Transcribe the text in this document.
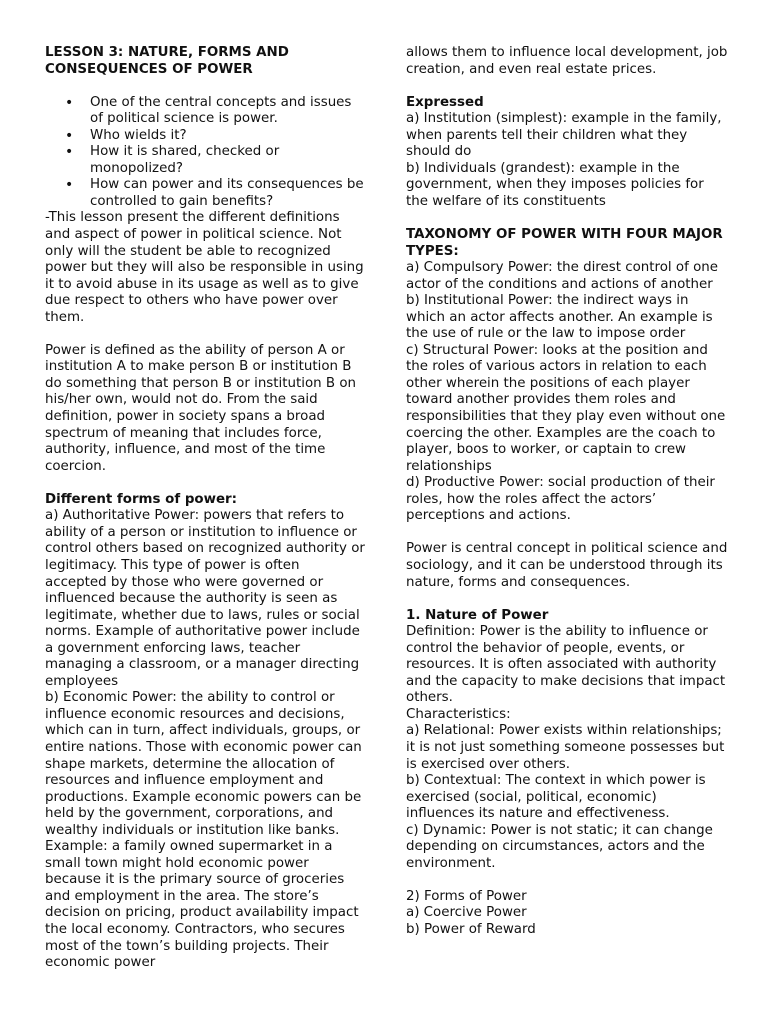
LESSON 3: NATURE, FORMS AND CONSEQUENCES OF POWER

• One of the central concepts and issues of political science is power.
• Who wields it?
• How it is shared, checked or monopolized?
• How can power and its consequences be controlled to gain benefits?

-This lesson present the different definitions and aspect of power in political science. Not only will the student be able to recognized power but they will also be responsible in using it to avoid abuse in its usage as well as to give due respect to others who have power over them.

Power is defined as the ability of person A or institution A to make person B or institution B do something that person B or institution B on his/her own, would not do. From the said definition, power in society spans a broad spectrum of meaning that includes force, authority, influence, and most of the time coercion.

Different forms of power:

a) Authoritative Power: powers that refers to ability of a person or institution to influence or control others based on recognized authority or legitimacy. This type of power is often accepted by those who were governed or influenced because the authority is seen as legitimate, whether due to laws, rules or social norms. Example of authoritative power include a government enforcing laws, teacher managing a classroom, or a manager directing employees

b) Economic Power: the ability to control or influence economic resources and decisions, which can in turn, affect individuals, groups, or entire nations. Those with economic power can shape markets, determine the allocation of resources and influence employment and productions. Example economic powers can be held by the government, corporations, and wealthy individuals or institution like banks. Example: a family owned supermarket in a small town might hold economic power because it is the primary source of groceries and employment in the area. The store’s decision on pricing, product availability impact the local economy. Contractors, who secures most of the town’s building projects. Their economic power

allows them to influence local development, job creation, and even real estate prices.

Expressed

a) Institution (simplest): example in the family, when parents tell their children what they should do

b) Individuals (grandest): example in the government, when they imposes policies for the welfare of its constituents

TAXONOMY OF POWER WITH FOUR MAJOR TYPES:

a) Compulsory Power: the direst control of one actor of the conditions and actions of another

b) Institutional Power: the indirect ways in which an actor affects another. An example is the use of rule or the law to impose order

c) Structural Power: looks at the position and the roles of various actors in relation to each other wherein the positions of each player toward another provides them roles and responsibilities that they play even without one coercing the other. Examples are the coach to player, boos to worker, or captain to crew relationships

d) Productive Power: social production of their roles, how the roles affect the actors’ perceptions and actions.

Power is central concept in political science and sociology, and it can be understood through its nature, forms and consequences.

1. Nature of Power

Definition: Power is the ability to influence or control the behavior of people, events, or resources. It is often associated with authority and the capacity to make decisions that impact others.

Characteristics:

a) Relational: Power exists within relationships; it is not just something someone possesses but is exercised over others.

b) Contextual: The context in which power is exercised (social, political, economic) influences its nature and effectiveness.

c) Dynamic: Power is not static; it can change depending on circumstances, actors and the environment.

2) Forms of Power

a) Coercive Power

b) Power of Reward
